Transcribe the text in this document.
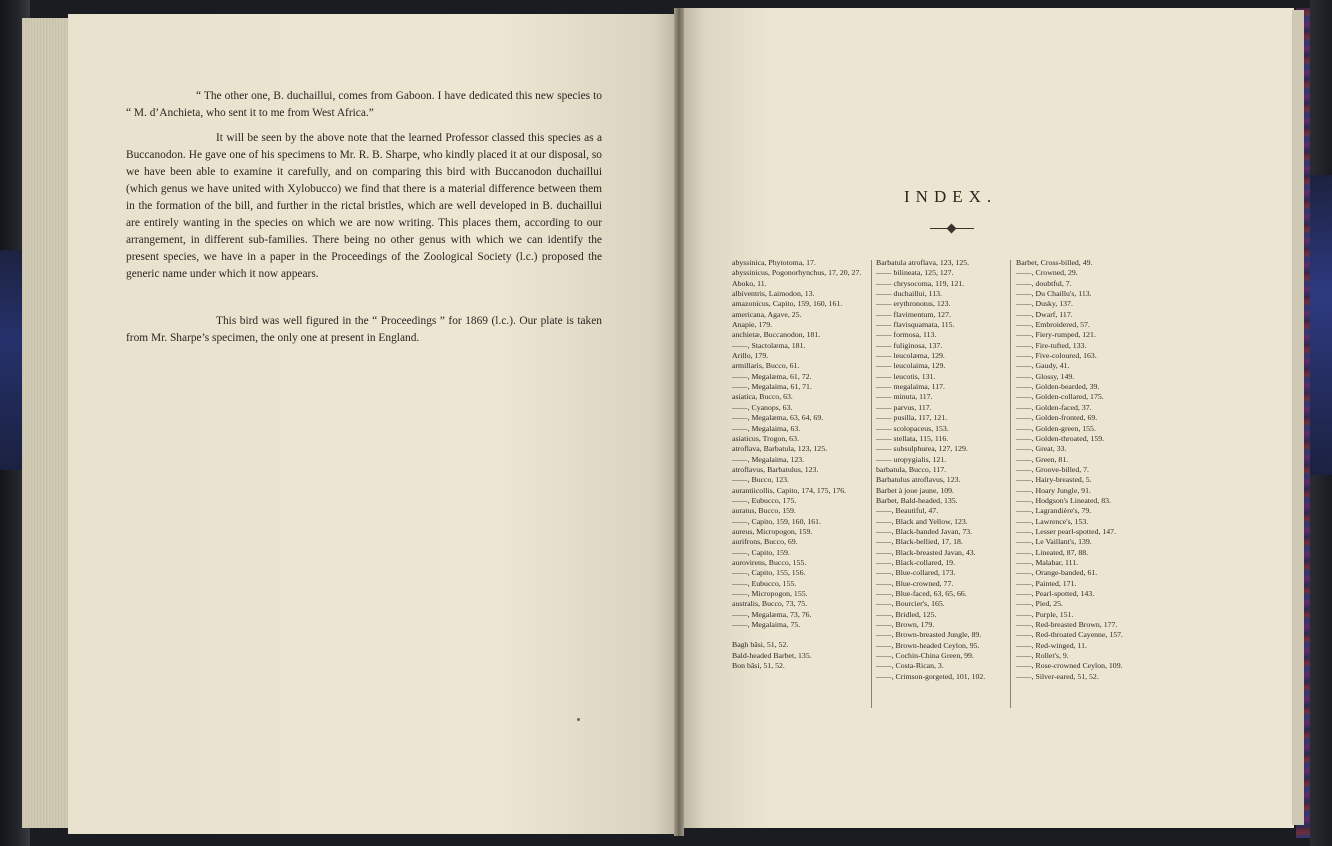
“ The other one, B. duchaillui, comes from Gaboon. I have dedicated this new species to “ M. d’Anchieta, who sent it to me from West Africa.”

It will be seen by the above note that the learned Professor classed this species as a Buccanodon. He gave one of his specimens to Mr. R. B. Sharpe, who kindly placed it at our disposal, so we have been able to examine it carefully, and on comparing this bird with Buccanodon duchaillui (which genus we have united with Xylobucco) we find that there is a material difference between them in the formation of the bill, and further in the rictal bristles, which are well developed in B. duchaillui are entirely wanting in the species on which we are now writing. This places them, according to our arrangement, in different sub-families. There being no other genus with which we can identify the present species, we have in a paper in the Proceedings of the Zoological Society (l.c.) proposed the generic name under which it now appears.

This bird was well figured in the “ Proceedings ” for 1869 (l.c.). Our plate is taken from Mr. Sharpe’s specimen, the only one at present in England.

INDEX.
abyssinica, Phytotoma, 17.
abyssinicus, Pogonorhynchus, 17, 20, 27.
Aboko, 11.
albiventris, Laimodon, 13.
amazonicus, Capito, 159, 160, 161.
americana, Agave, 25.
Anapie, 179.
anchietæ, Buccanodon, 181.
——, Stactolæma, 181.
Arillo, 179.
armillaris, Bucco, 61.
——, Megalæma, 61, 72.
——, Megalaima, 61, 71.
asiatica, Bucco, 63.
——, Cyanops, 63.
——, Megalæma, 63, 64, 69.
——, Megalaima, 63.
asiaticus, Trogon, 63.
atroflava, Barbatula, 123, 125.
——, Megalaima, 123.
atroflavus, Barbatulus, 123.
——, Bucco, 123.
aurantiicollis, Capito, 174, 175, 176.
——, Eubucco, 175.
auratus, Bucco, 159.
——, Capito, 159, 160, 161.
aureus, Micropogon, 159.
aurifrons, Bucco, 69.
——, Capito, 159.
aurovirens, Bucco, 155.
——, Capito, 155, 156.
——, Eubucco, 155.
——, Micropogon, 155.
australis, Bucco, 73, 75.
——, Megalæma, 73, 76.
——, Megalaima, 75.
Bagh bâsi, 51, 52.
Bald-headed Barbet, 135.
Bon bâsi, 51, 52.
Barbatula atroflava, 123, 125.
—— bilineata, 125, 127.
—— chrysocoma, 119, 121.
—— duchaillui, 113.
—— erythronotus, 123.
—— flavimentum, 127.
—— flavisquamata, 115.
—— formosa, 113.
—— fuliginosa, 137.
—— leucolæma, 129.
—— leucolaima, 129.
—— leucotis, 131.
—— megalaima, 117.
—— minuta, 117.
—— parvus, 117.
—— pusilla, 117, 121.
—— scolopaceus, 153.
—— stellata, 115, 116.
—— subsulphurea, 127, 129.
—— uropygialis, 121.
barbatula, Bucco, 117.
Barbatulus atroflavus, 123.
Barbet à joue jaune, 109.
Barbet, Bald-headed, 135.
——, Beautiful, 47.
——, Black and Yellow, 123.
——, Black-banded Javan, 73.
——, Black-bellied, 17, 18.
——, Black-breasted Javan, 43.
——, Black-collared, 19.
——, Blue-collared, 173.
——, Blue-crowned, 77.
——, Blue-faced, 63, 65, 66.
——, Bourcier's, 165.
——, Bridled, 125.
——, Brown, 179.
——, Brown-breasted Jungle, 89.
——, Brown-headed Ceylon, 95.
——, Cochin-China Green, 99.
——, Costa-Rican, 3.
——, Crimson-gorgeted, 101, 102.
Barbet, Cross-billed, 49.
——, Crowned, 29.
——, doubtful, 7.
——, Du Chaillu's, 113.
——, Dusky, 137.
——, Dwarf, 117.
——, Embroidered, 57.
——, Fiery-rumped, 121.
——, Fire-tufted, 133.
——, Five-coloured, 163.
——, Gaudy, 41.
——, Glossy, 149.
——, Golden-bearded, 39.
——, Golden-collared, 175.
——, Golden-faced, 37.
——, Golden-fronted, 69.
——, Golden-green, 155.
——, Golden-throated, 159.
——, Great, 33.
——, Green, 81.
——, Groove-billed, 7.
——, Hairy-breasted, 5.
——, Hoary Jungle, 91.
——, Hodgson's Lineated, 83.
——, Lagrandière's, 79.
——, Lawrence's, 153.
——, Lesser pearl-spotted, 147.
——, Le Vaillant's, 139.
——, Lineated, 87, 88.
——, Malabar, 111.
——, Orange-banded, 61.
——, Painted, 171.
——, Pearl-spotted, 143.
——, Pied, 25.
——, Purple, 151.
——, Red-breasted Brown, 177.
——, Red-throated Cayenne, 157.
——, Red-winged, 11.
——, Rollet's, 9.
——, Rose-crowned Ceylon, 109.
——, Silver-eared, 51, 52.
